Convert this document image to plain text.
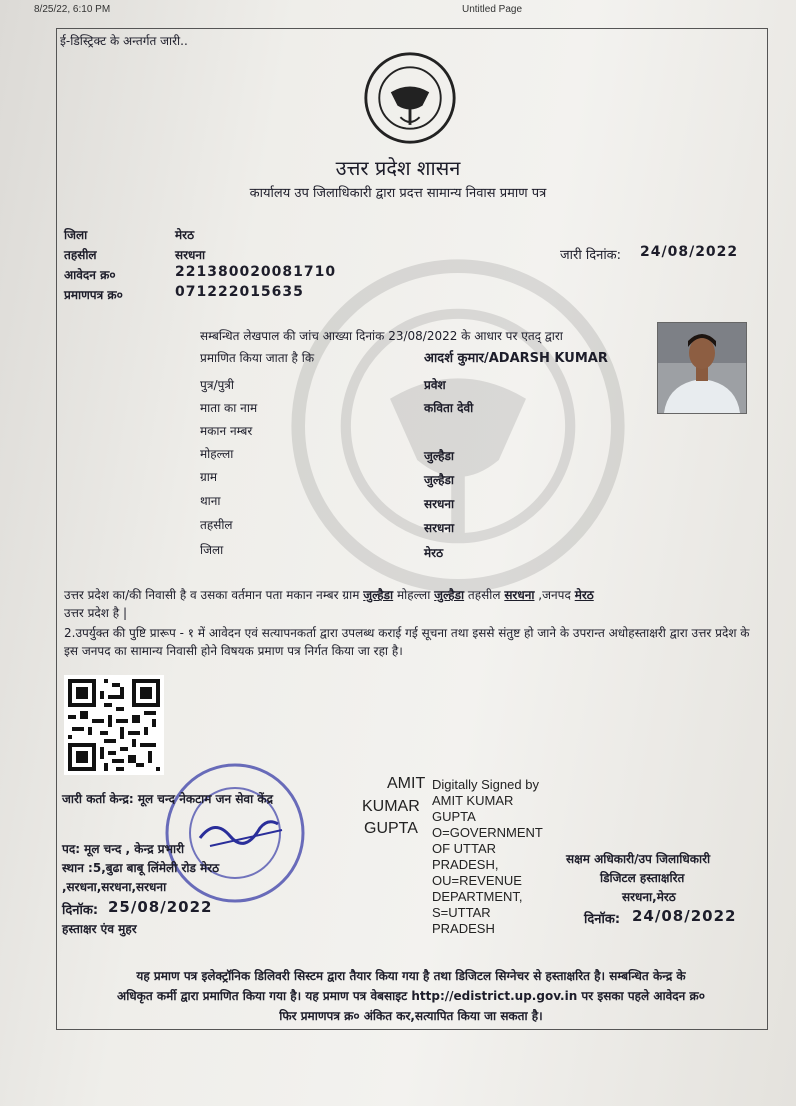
8/25/22, 6:10 PM	Untitled Page
ई-डिस्ट्रिक्ट के अन्तर्गत जारी..
उत्तर प्रदेश शासन
कार्यालय उप जिलाधिकारी द्वारा प्रदत्त सामान्य निवास प्रमाण पत्र
जिला	मेरठ
तहसील	सरधना
आवेदन क्र०	221380020081710
प्रमाणपत्र क्र०	071222015635
जारी दिनांक: 24/08/2022
सम्बन्धित लेखपाल की जांच आख्या दिनांक 23/08/2022 के आधार पर एतद् द्वारा
प्रमाणित किया जाता है कि	आदर्श कुमार/ADARSH KUMAR
पुत्र/पुत्री	प्रवेश
माता का नाम	कविता देवी
मकान नम्बर
मोहल्ला	जुल्हैडा
ग्राम	जुल्हैडा
थाना	सरधना
तहसील	सरधना
जिला	मेरठ
उत्तर प्रदेश का/की निवासी है व उसका वर्तमान पता मकान नम्बर ग्राम जुल्हैडा मोहल्ला जुल्हैडा तहसील सरधना ,जनपद मेरठ
उत्तर प्रदेश है |
2.उपर्युक्त की पुष्टि प्रारूप - १ में आवेदन एवं सत्यापनकर्ता द्वारा उपलब्ध कराई गई सूचना तथा इससे संतुष्ट हो जाने के उपरान्त अधोहस्ताक्षरी द्वारा उत्तर प्रदेश के इस जनपद का सामान्य निवासी होने विषयक प्रमाण पत्र निर्गत किया जा रहा है।
जारी कर्ता केन्द्र: मूल चन्द नेकटाम जन सेवा केंद्र
पद: मूल चन्द , केन्द्र प्रभारी
स्थान :5,बुढा बाबू लिंमेली रोड मेरठ
,सरधना,सरधना,सरधना
दिनॉक: 25/08/2022
हस्ताक्षर एंव मुहर
AMIT
KUMAR
GUPTA
Digitally Signed by
AMIT KUMAR
GUPTA
O=GOVERNMENT
OF UTTAR
PRADESH,
OU=REVENUE
DEPARTMENT,
S=UTTAR
PRADESH
सक्षम अधिकारी/उप जिलाधिकारी
डिजिटल हस्ताक्षरित
सरधना,मेरठ
दिनॉक: 24/08/2022
यह प्रमाण पत्र इलेक्ट्रॉनिक डिलिवरी सिस्टम द्वारा तैयार किया गया है तथा डिजिटल सिग्नेचर से हस्ताक्षरित है। सम्बन्धित केन्द्र के
अधिकृत कर्मी द्वारा प्रमाणित किया गया है। यह प्रमाण पत्र वेबसाइट http://edistrict.up.gov.in पर इसका पहले आवेदन क्र०
फिर प्रमाणपत्र क्र० अंकित कर,सत्यापित किया जा सकता है।
